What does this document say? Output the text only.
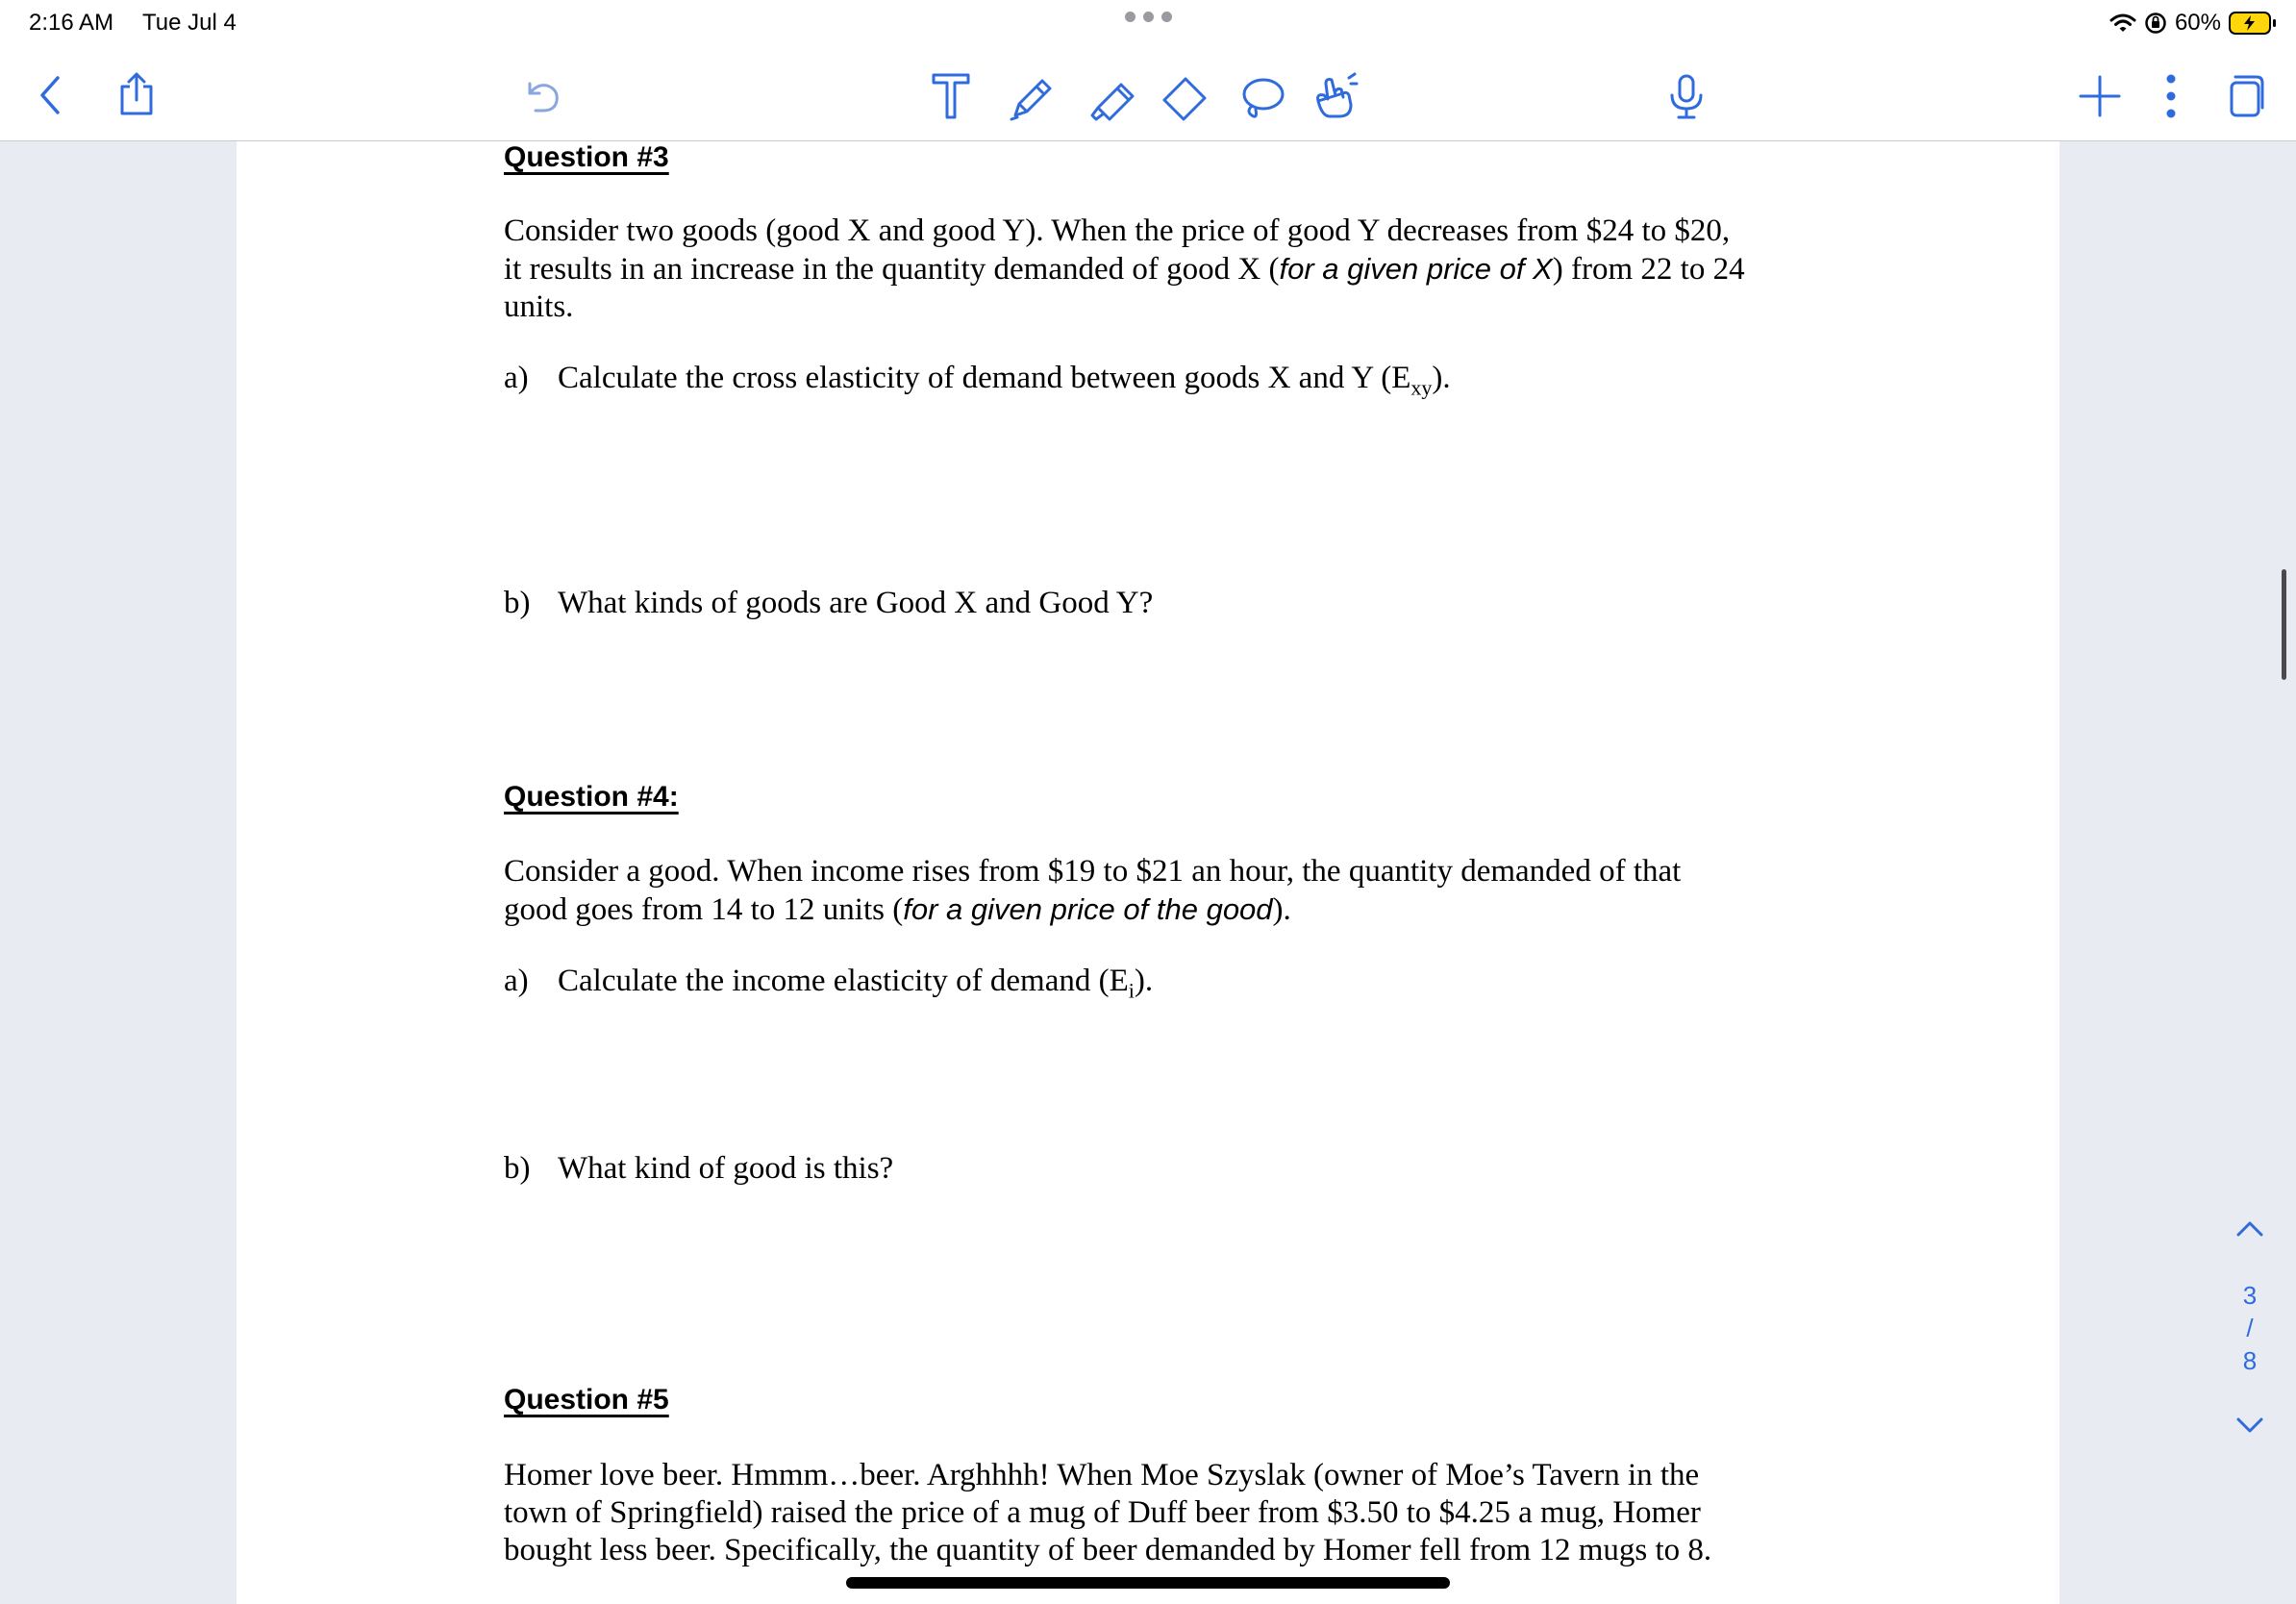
2:16 AM Tue Jul 4	60%
Question #3
Consider two goods (good X and good Y). When the price of good Y decreases from $24 to $20,
it results in an increase in the quantity demanded of good X (for a given price of X) from 22 to 24
units.
a) Calculate the cross elasticity of demand between goods X and Y $(E_{xy})$.
b) What kinds of goods are Good X and Good Y?
Question #4:
Consider a good. When income rises from $19 to $21 an hour, the quantity demanded of that
good goes from 14 to 12 units (for a given price of the good).
a) Calculate the income elasticity of demand $(E_i)$.
b) What kind of good is this?
Question #5
Homer love beer. Hmmm…beer. Arghhhh! When Moe Szyslak (owner of Moe’s Tavern in the
town of Springfield) raised the price of a mug of Duff beer from $3.50 to $4.25 a mug, Homer
bought less beer. Specifically, the quantity of beer demanded by Homer fell from 12 mugs to 8.
3
/
8
